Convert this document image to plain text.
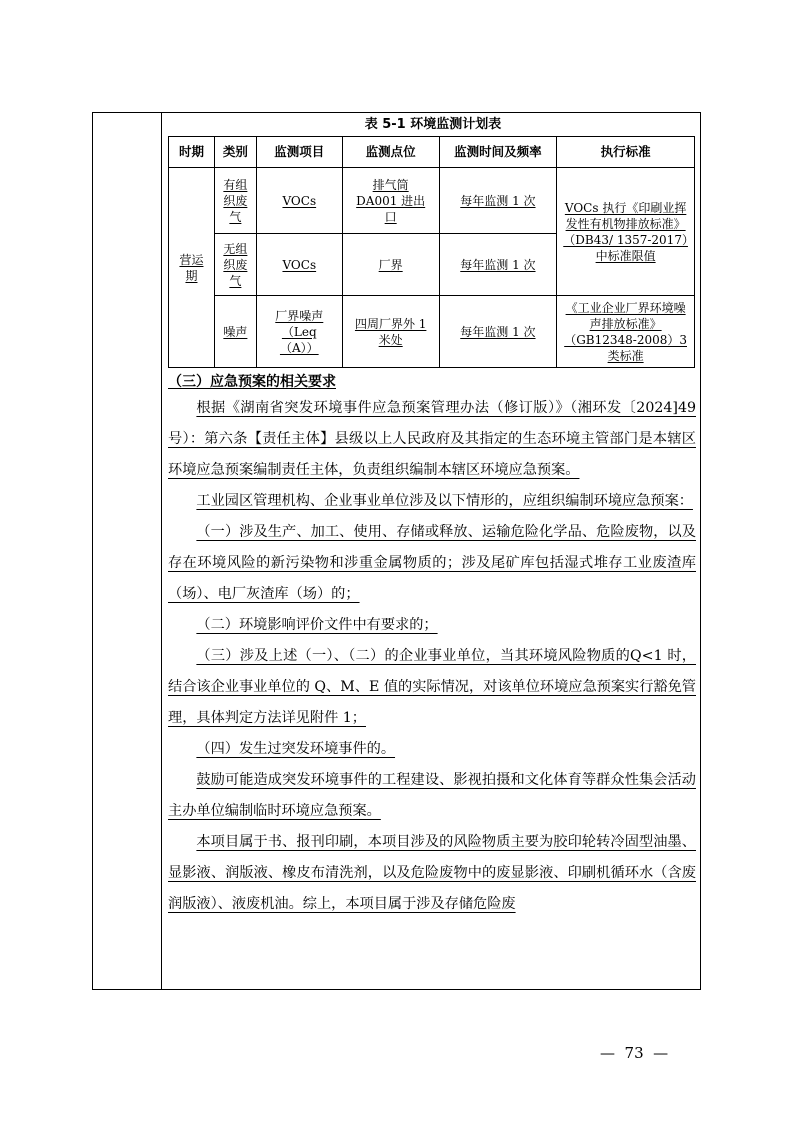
表 5-1 环境监测计划表
时期	类别	监测项目	监测点位	监测时间及频率	执行标准
营运期	有组织废气	VOCs	排气筒DA001 进出口	每年监测 1 次	VOCs 执行《印刷业挥发性有机物排放标准》（DB43/ 1357-2017）中标准限值
	无组织废气	VOCs	厂界	每年监测 1 次	
	噪声	厂界噪声（Leq（A））	四周厂界外 1 米处	每年监测 1 次	《工业企业厂界环境噪声排放标准》（GB12348-2008）3 类标准
（三）应急预案的相关要求

根据《湖南省突发环境事件应急预案管理办法（修订版）》（湘环发〔2024]49 号）：第六条【责任主体】县级以上人民政府及其指定的生态环境主管部门是本辖区环境应急预案编制责任主体，负责组织编制本辖区环境应急预案。

工业园区管理机构、企业事业单位涉及以下情形的，应组织编制环境应急预案：

（一）涉及生产、加工、使用、存储或释放、运输危险化学品、危险废物，以及存在环境风险的新污染物和涉重金属物质的；涉及尾矿库包括湿式堆存工业废渣库（场）、电厂灰渣库（场）的；

（二）环境影响评价文件中有要求的；

（三）涉及上述（一）、（二）的企业事业单位，当其环境风险物质的Q<1 时，结合该企业事业单位的 Q、M、E 值的实际情况，对该单位环境应急预案实行豁免管理，具体判定方法详见附件 1；

（四）发生过突发环境事件的。

鼓励可能造成突发环境事件的工程建设、影视拍摄和文化体育等群众性集会活动主办单位编制临时环境应急预案。

本项目属于书、报刊印刷，本项目涉及的风险物质主要为胶印轮转冷固型油墨、显影液、润版液、橡皮布清洗剂，以及危险废物中的废显影液、印刷机循环水（含废润版液）、液废机油。综上，本项目属于涉及存储危险废

—  73  —
